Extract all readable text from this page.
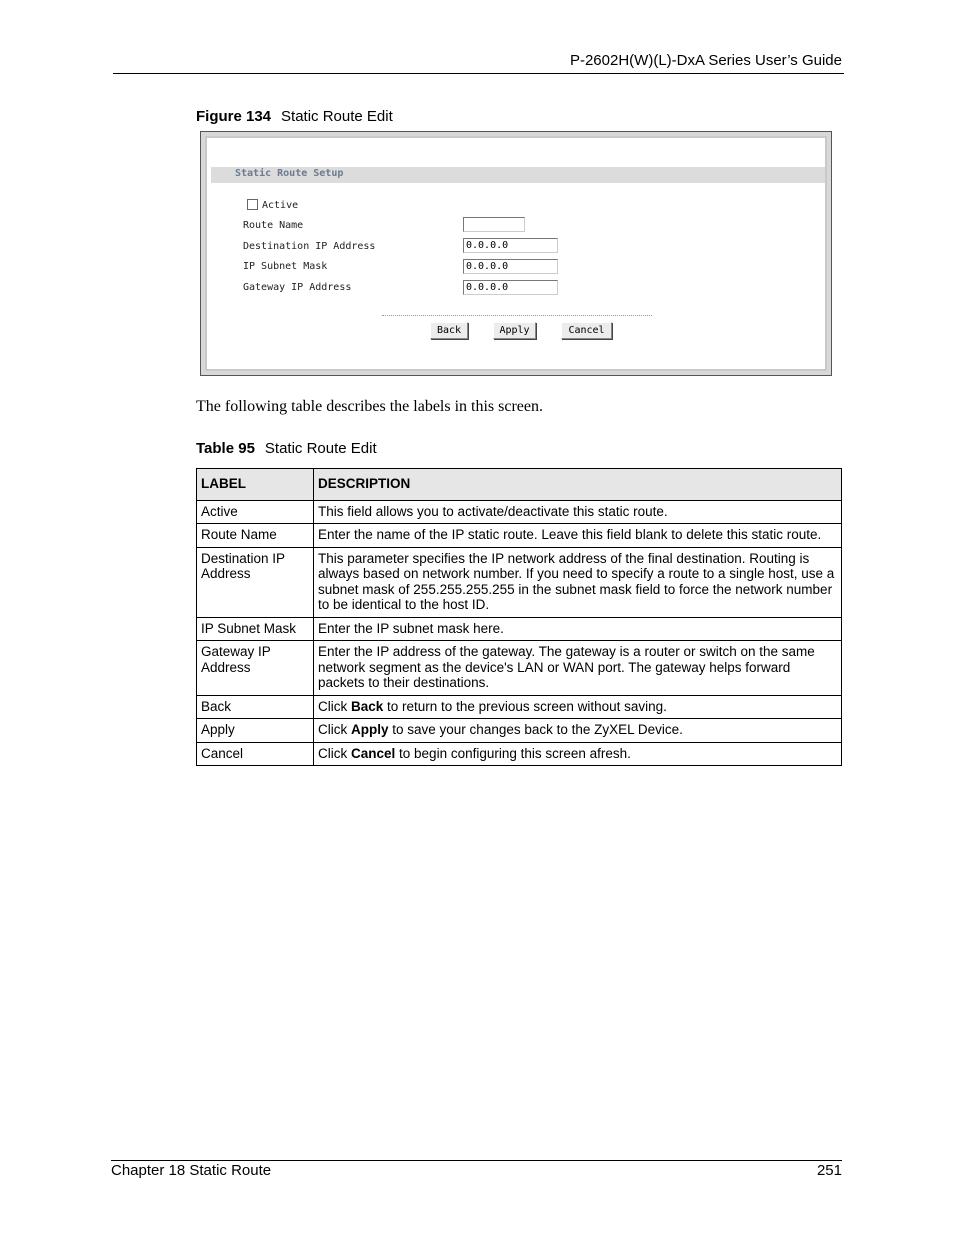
P-2602H(W)(L)-DxA Series User’s Guide
Figure 134 Static Route Edit
Static Route Setup
Active
Route Name
Destination IP Address	0.0.0.0
IP Subnet Mask	0.0.0.0
Gateway IP Address	0.0.0.0
Back	Apply	Cancel
The following table describes the labels in this screen.
Table 95 Static Route Edit
LABEL	DESCRIPTION
Active	This field allows you to activate/deactivate this static route.
Route Name	Enter the name of the IP static route. Leave this field blank to delete this static route.
Destination IP Address	This parameter specifies the IP network address of the final destination. Routing is always based on network number. If you need to specify a route to a single host, use a subnet mask of 255.255.255.255 in the subnet mask field to force the network number to be identical to the host ID.
IP Subnet Mask	Enter the IP subnet mask here.
Gateway IP Address	Enter the IP address of the gateway. The gateway is a router or switch on the same network segment as the device's LAN or WAN port. The gateway helps forward packets to their destinations.
Back	Click Back to return to the previous screen without saving.
Apply	Click Apply to save your changes back to the ZyXEL Device.
Cancel	Click Cancel to begin configuring this screen afresh.
Chapter 18 Static Route	251
